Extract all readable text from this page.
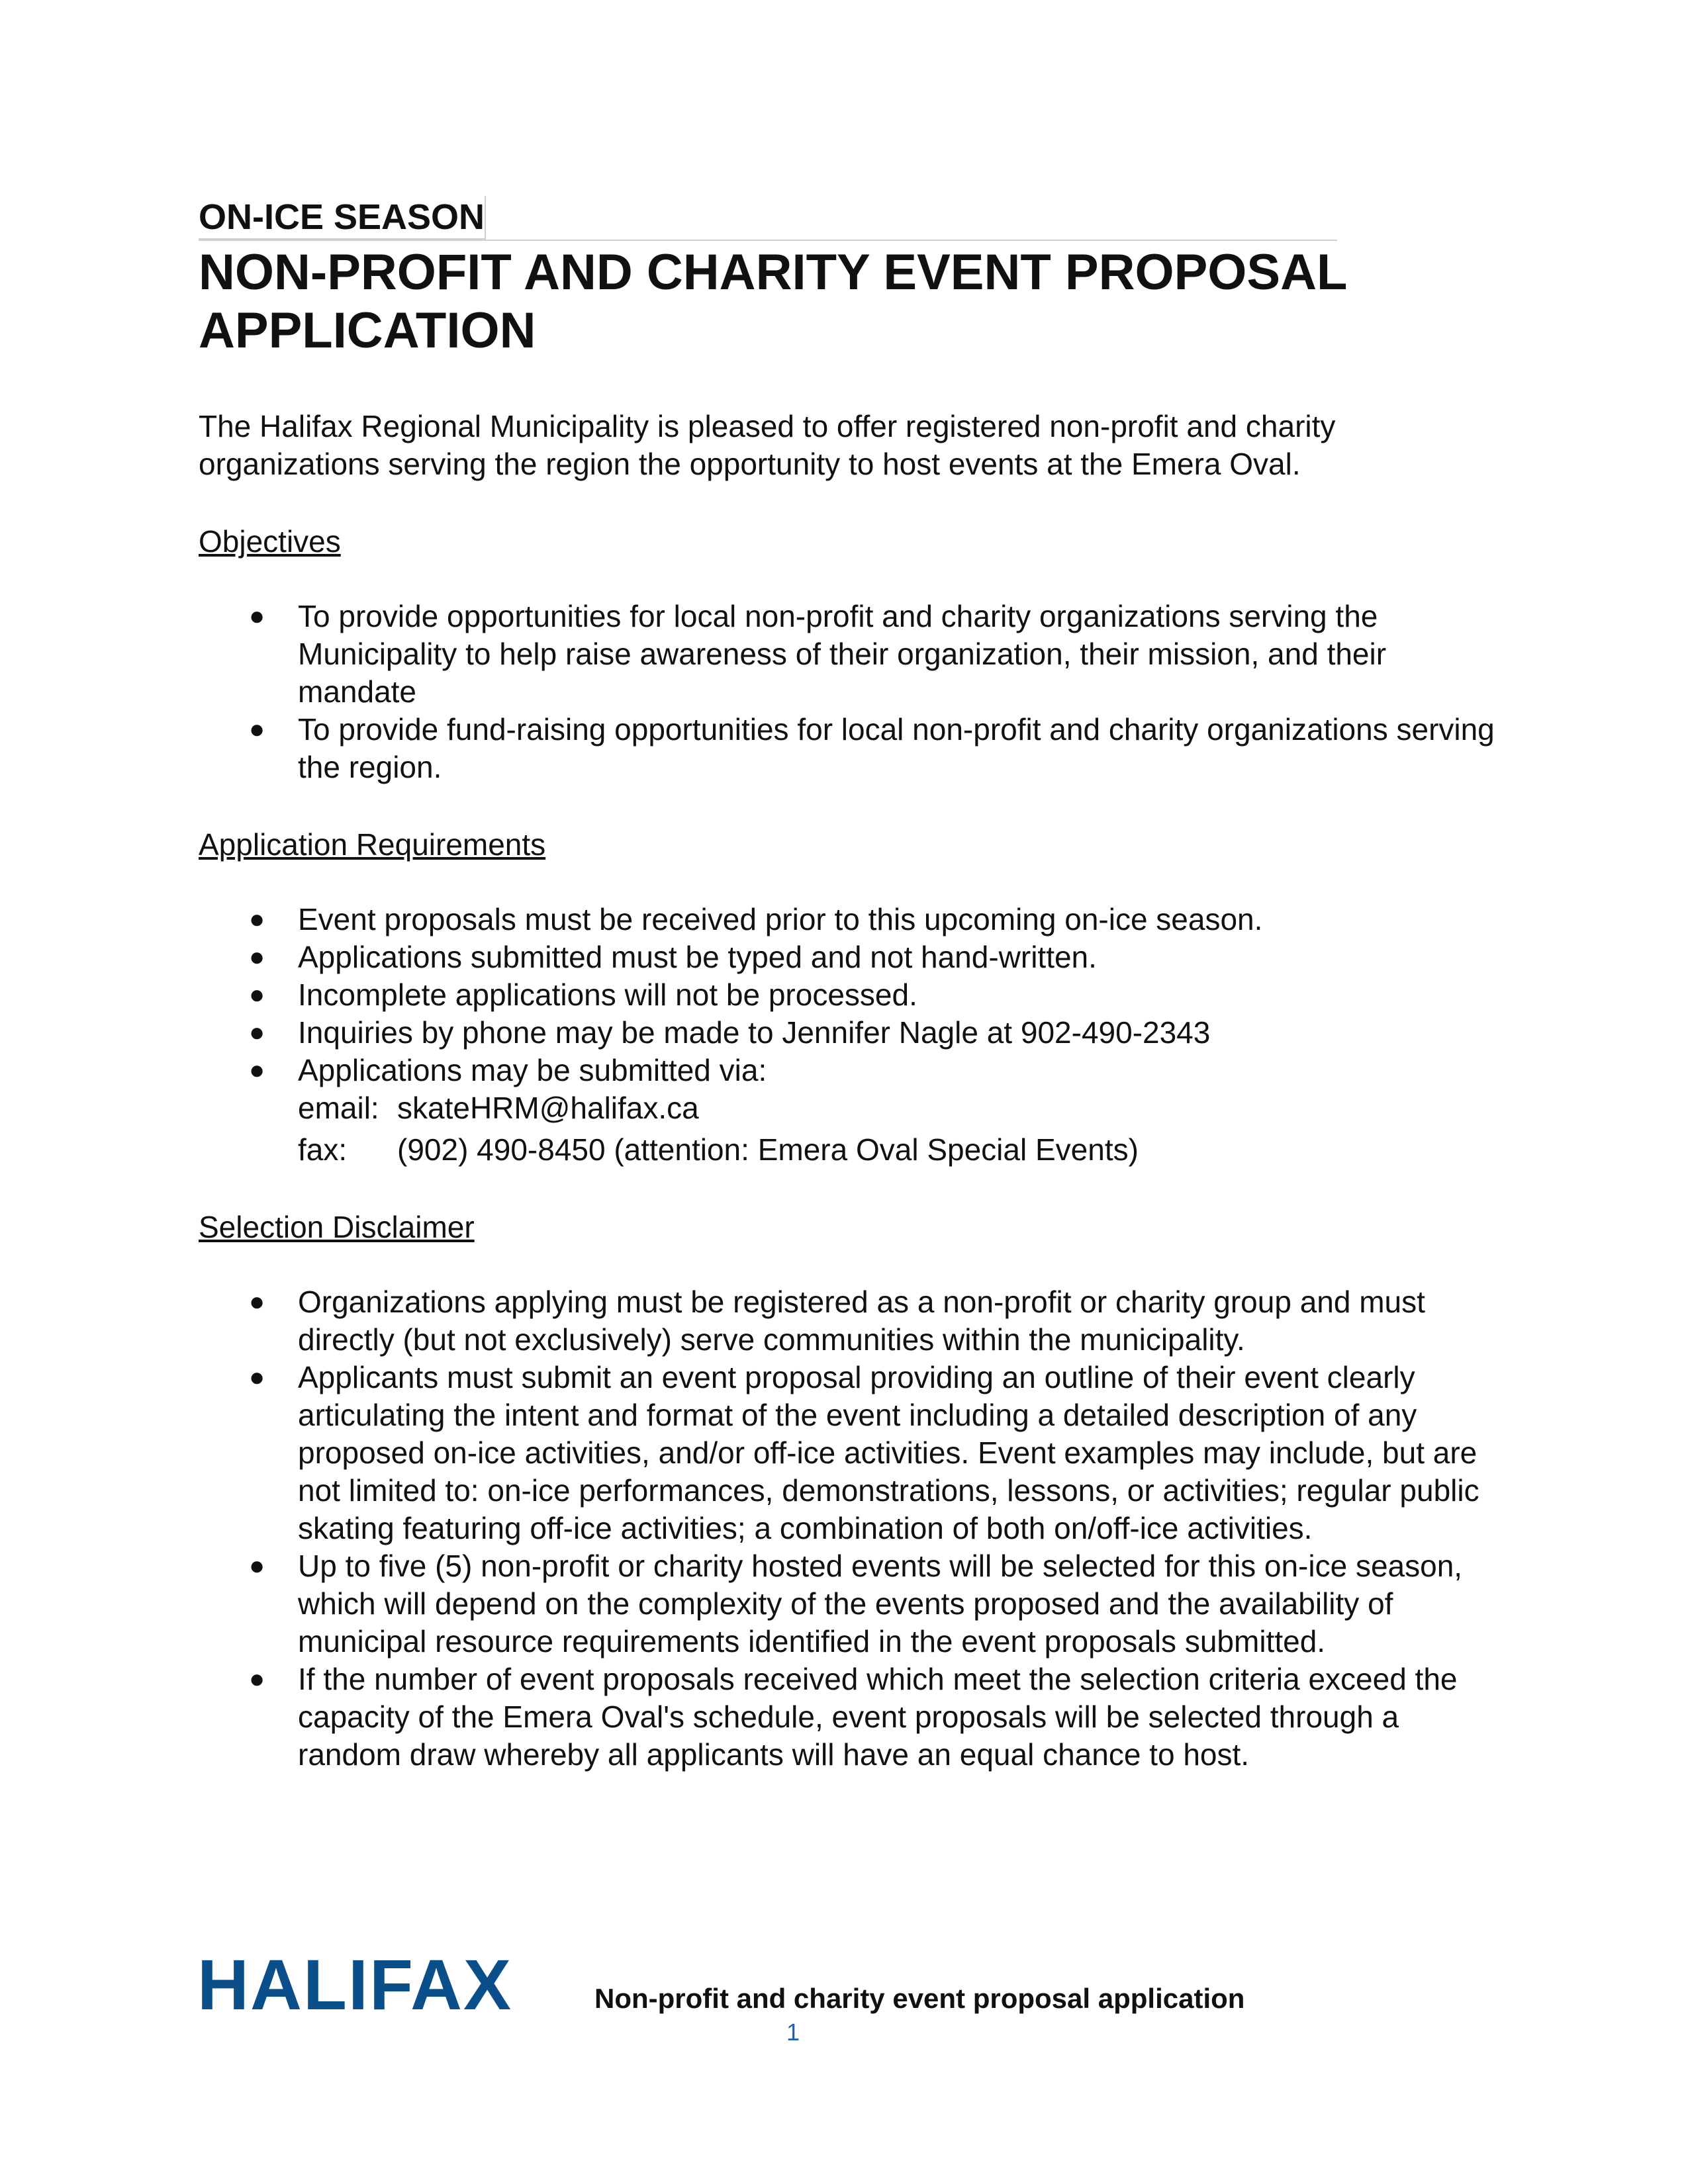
ON-ICE SEASON

NON-PROFIT AND CHARITY EVENT PROPOSAL APPLICATION

The Halifax Regional Municipality is pleased to offer registered non-profit and charity organizations serving the region the opportunity to host events at the Emera Oval.

Objectives
● To provide opportunities for local non-profit and charity organizations serving the Municipality to help raise awareness of their organization, their mission, and their mandate
● To provide fund-raising opportunities for local non-profit and charity organizations serving the region.
Application Requirements
● Event proposals must be received prior to this upcoming on-ice season.
● Applications submitted must be typed and not hand-written.
● Incomplete applications will not be processed.
● Inquiries by phone may be made to Jennifer Nagle at 902-490-2343
● Applications may be submitted via:
email: skateHRM@halifax.ca
fax: (902) 490-8450 (attention: Emera Oval Special Events)
Selection Disclaimer
● Organizations applying must be registered as a non-profit or charity group and must directly (but not exclusively) serve communities within the municipality.
● Applicants must submit an event proposal providing an outline of their event clearly articulating the intent and format of the event including a detailed description of any proposed on-ice activities, and/or off-ice activities. Event examples may include, but are not limited to: on-ice performances, demonstrations, lessons, or activities; regular public skating featuring off-ice activities; a combination of both on/off-ice activities.
● Up to five (5) non-profit or charity hosted events will be selected for this on-ice season, which will depend on the complexity of the events proposed and the availability of municipal resource requirements identified in the event proposals submitted.
● If the number of event proposals received which meet the selection criteria exceed the capacity of the Emera Oval's schedule, event proposals will be selected through a random draw whereby all applicants will have an equal chance to host.
HALIFAX	Non-profit and charity event proposal application
1
